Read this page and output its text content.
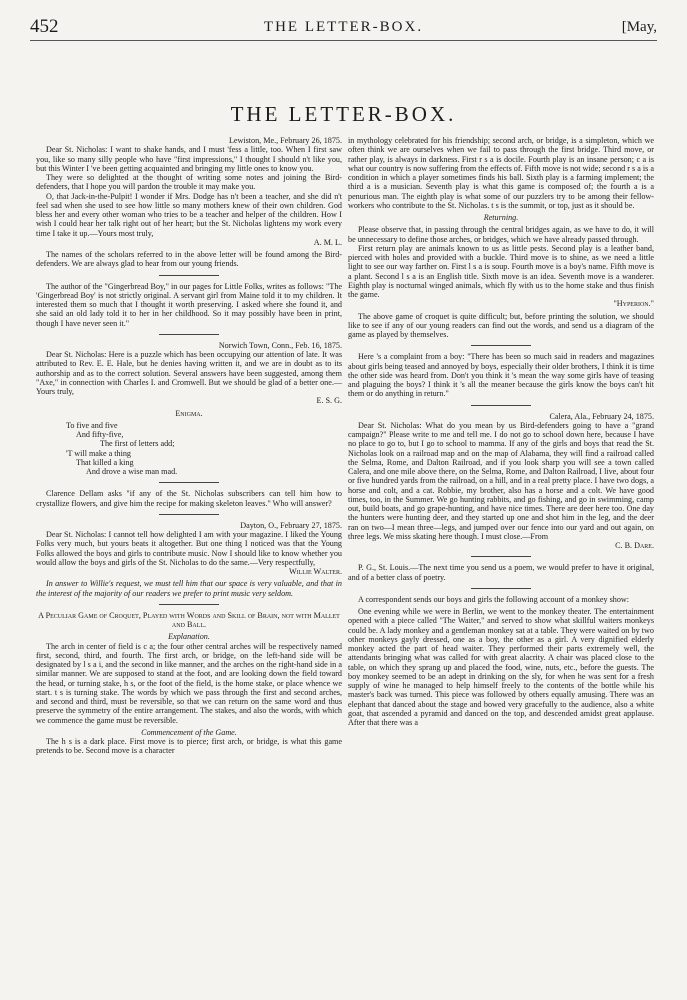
452	THE LETTER-BOX.	[May,
THE LETTER-BOX.

Lewiston, Me., February 26, 1875.

Dear St. Nicholas: I want to shake hands, and I must 'fess a little, too. When I first saw you, like so many silly people who have "first impressions," I thought I should n't like you, but this Winter I 've been getting acquainted and bringing my little ones to know you.

They were so delighted at the thought of writing some notes and joining the Bird-defenders, that I hope you will pardon the trouble it may make you.

O, that Jack-in-the-Pulpit! I wonder if Mrs. Dodge has n't been a teacher, and she did n't feel sad when she used to see how little so many mothers knew of their own children. God bless her and every other woman who tries to be a teacher and helper of the children. How I wish I could hear her talk right out of her heart; but the St. Nicholas lightens my work every time I take it up.—Yours most truly,

A. M. L.

The names of the scholars referred to in the above letter will be found among the Bird-defenders. We are always glad to hear from our young friends.

The author of the "Gingerbread Boy," in our pages for Little Folks, writes as follows: "The 'Gingerbread Boy' is not strictly original. A servant girl from Maine told it to my children. It interested them so much that I thought it worth preserving. I asked where she found it, and she said an old lady told it to her in her childhood. So it may possibly have been in print, though I have never seen it."

Norwich Town, Conn., Feb. 16, 1875.

Dear St. Nicholas: Here is a puzzle which has been occupying our attention of late. It was attributed to Rev. E. E. Hale, but he denies having written it, and we are in doubt as to its authorship and as to the correct solution. Several answers have been suggested, among them "Axe," in connection with Charles I. and Cromwell. But we should be glad of a better one.—Yours truly,

E. S. G.

Enigma.

To five and five
And fifty-five,
The first of letters add;
'T will make a thing
That killed a king
And drove a wise man mad.

Clarence Dellam asks "if any of the St. Nicholas subscribers can tell him how to crystallize flowers, and give him the recipe for making skeleton leaves." Who will answer?

Dayton, O., February 27, 1875.

Dear St. Nicholas: I cannot tell how delighted I am with your magazine. I liked the Young Folks very much, but yours beats it altogether. But one thing I noticed was that the Young Folks allowed the boys and girls to contribute music. Now I should like to know whether you would allow the boys and girls of the St. Nicholas to do the same.—Very respectfully,

Willie Walter.

In answer to Willie's request, we must tell him that our space is very valuable, and that in the interest of the majority of our readers we prefer to print music very seldom.

A Peculiar Game of Croquet, Played with Words and Skill of Brain, not with Mallet and Ball.

Explanation.

The arch in center of field is c a; the four other central arches will be respectively named first, second, third, and fourth. The first arch, or bridge, on the left-hand side will be designated by l s a i, and the second in like manner, and the arches on the right-hand side in a similar manner. We are supposed to stand at the foot, and are looking down the field toward the head, or turning stake, h s, or the foot of the field, is the home stake, or place whence we start. t s is turning stake. The words by which we pass through the first and second arches, and second and third, must be reversible, so that we can return on the same word and thus preserve the symmetry of the entire arrangement. The stakes, and also the words, with which we commence the game must be reversible.

Commencement of the Game.

The h s is a dark place. First move is to pierce; first arch, or bridge, is what this game pretends to be. Second move is a character

in mythology celebrated for his friendship; second arch, or bridge, is a simpleton, which we often think we are ourselves when we fail to pass through the first bridge. Third move, or rather play, is always in darkness. First r s a is docile. Fourth play is an insane person; c a is what our country is now suffering from the effects of. Fifth move is not wide; second r s a is a condition in which a player sometimes finds his ball. Sixth play is a farming implement; the third a is a musician. Seventh play is what this game is composed of; the fourth a is a penurious man. The eighth play is what some of our puzzlers try to be among their fellow-workers who contribute to the St. Nicholas. t s is the summit, or top, just as it should be.

Returning.

Please observe that, in passing through the central bridges again, as we have to do, it will be unnecessary to define those arches, or bridges, which we have already passed through.

First return play are animals known to us as little pests. Second play is a leather band, pierced with holes and provided with a buckle. Third move is to shine, as we need a little light to see our way farther on. First l s a is soup. Fourth move is a boy's name. Fifth move is a plant. Second l s a is an English title. Sixth move is an idea. Seventh move is a wanderer. Eighth play is nocturnal winged animals, which fly with us to the home stake and thus finish the game.

"Hyperion."

The above game of croquet is quite difficult; but, before printing the solution, we should like to see if any of our young readers can find out the words, and send us a diagram of the game as played by themselves.

Here 's a complaint from a boy: "There has been so much said in readers and magazines about girls being teased and annoyed by boys, especially their older brothers, I think it is time the other side was heard from. Don't you think it 's mean the way some girls have of teasing and plaguing the boys? I think it 's all the meaner because the girls know the boys can't hit them or do anything in return."

Calera, Ala., February 24, 1875.

Dear St. Nicholas: What do you mean by us Bird-defenders going to have a "grand campaign?" Please write to me and tell me. I do not go to school down here, because I have no place to go to, but I go to school to mamma. If any of the girls and boys that read the St. Nicholas look on a railroad map and on the map of Alabama, they will find a railroad called the Selma, Rome, and Dalton Railroad, and if you look sharp you will see a town called Calera, and one mile above there, on the Selma, Rome, and Dalton Railroad, I live, about four or five hundred yards from the railroad, on a hill, and in a real pretty place. I have two dogs, a horse and colt, and a cat. Robbie, my brother, also has a horse and a colt. We have good times, too, in the Summer. We go hunting rabbits, and go fishing, and go in swimming, camp out, build boats, and go grape-hunting, and have nice times. There are deer here too. One day the hunters were hunting deer, and they started up one and shot him in the leg, and the deer ran on two—I mean three—legs, and jumped over our fence into our yard and out again, on three legs. We miss skating here though. I must close.—From

C. B. Dare.

P. G., St. Louis.—The next time you send us a poem, we would prefer to have it original, and of a better class of poetry.

A correspondent sends our boys and girls the following account of a monkey show:

One evening while we were in Berlin, we went to the monkey theater. The entertainment opened with a piece called "The Waiter," and served to show what skillful waiters monkeys could be. A lady monkey and a gentleman monkey sat at a table. They were waited on by two other monkeys gayly dressed, one as a boy, the other as a girl. A very dignified elderly monkey acted the part of head waiter. They performed their parts extremely well, the attendants bringing what was called for with great alacrity. A chair was placed close to the table, on which they sprang up and placed the food, wine, nuts, etc., before the guests. The boy monkey seemed to be an adept in drinking on the sly, for when he was sent for a fresh supply of wine he managed to help himself freely to the contents of the bottle while his master's back was turned. This piece was followed by others equally amusing. There was an elephant that danced about the stage and bowed very gracefully to the audience, also a white goat, that ascended a pyramid and danced on the top, and descended amidst great applause. After that there was a
